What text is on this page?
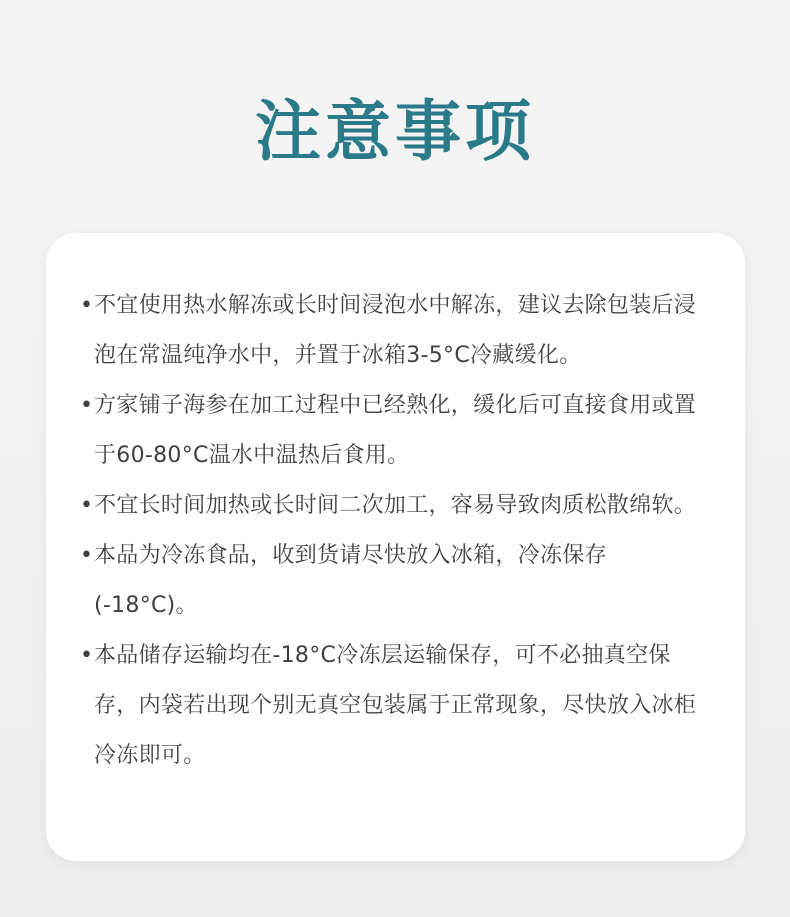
注意事项
• 不宜使用热水解冻或长时间浸泡水中解冻，建议去除包装后浸泡在常温纯净水中，并置于冰箱3-5°C冷藏缓化。
• 方家铺子海参在加工过程中已经熟化，缓化后可直接食用或置于60-80°C温水中温热后食用。
• 不宜长时间加热或长时间二次加工，容易导致肉质松散绵软。
• 本品为冷冻食品，收到货请尽快放入冰箱，冷冻保存(-18°C)。
• 本品储存运输均在-18°C冷冻层运输保存，可不必抽真空保存，内袋若出现个别无真空包装属于正常现象，尽快放入冰柜冷冻即可。
